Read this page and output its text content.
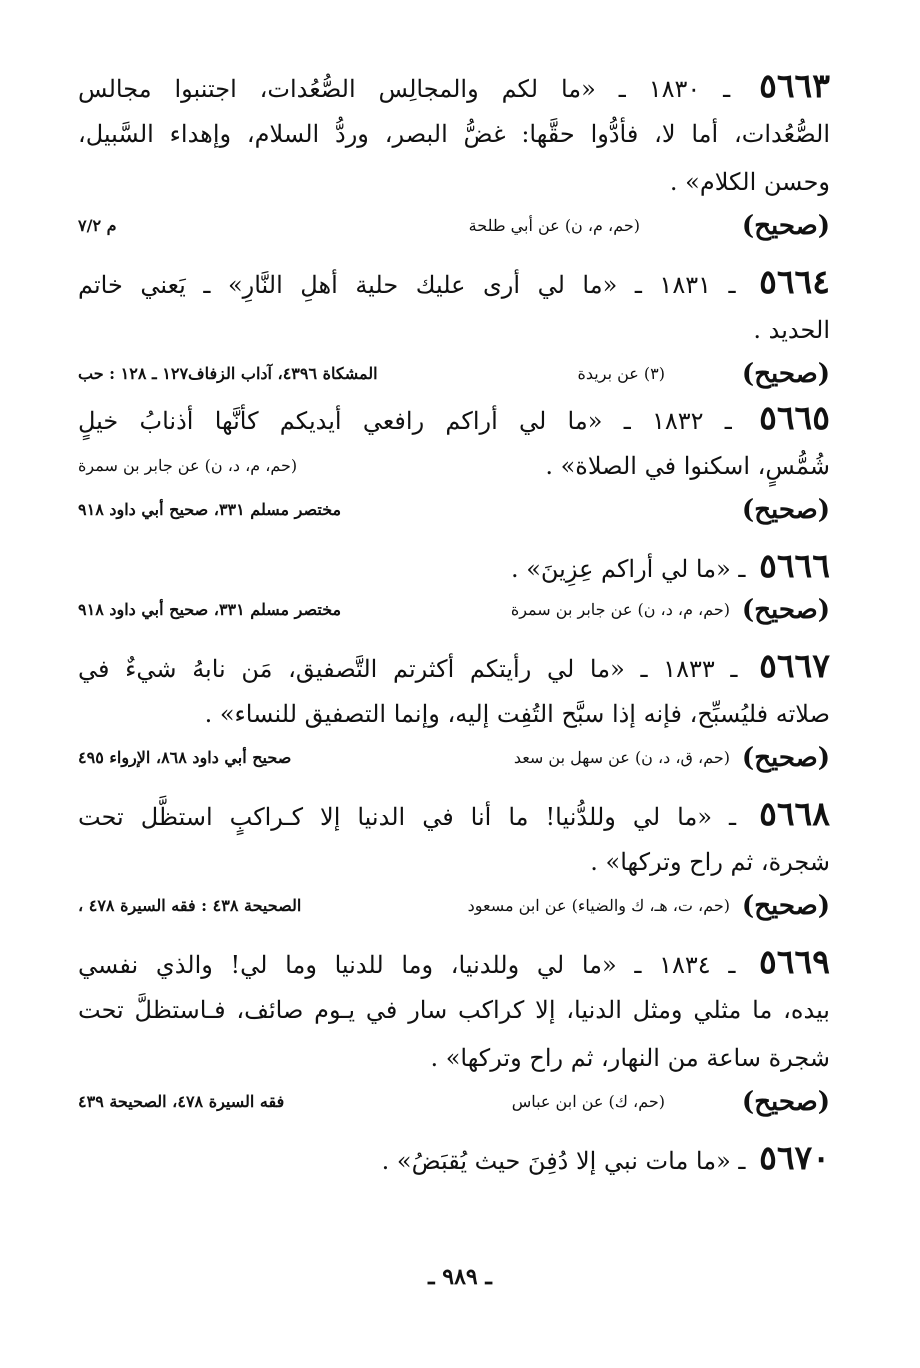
٥٦٦٣ ـ ١٨٣٠ ـ «ما لكم والمجالِس الصُّعُدات، اجتنبوا مجالس
الصُّعُدات، أما لا، فأدُّوا حقَّها: غضُّ البصر، وردُّ السلام، وإهداء السَّبيل،
وحسن الكلام» .
(صحيح)
(حم، م، ن) عن أبي طلحة
م ٧/٢
٥٦٦٤ ـ ١٨٣١ ـ «ما لي أرى عليك حلية أهلِ النَّارِ» ـ يَعني خاتم
الحديد .
(صحيح)
(٣) عن بريدة
المشكاة ٤٣٩٦، آداب الزفاف١٢٧ ـ ١٢٨ : حب
٥٦٦٥ ـ ١٨٣٢ ـ «ما لي أراكم رافعي أيديكم كأنَّها أذنابُ خيلٍ
شُمُّسٍ، اسكنوا في الصلاة» .
(حم، م، د، ن) عن جابر بن سمرة
(صحيح)
مختصر مسلم ٣٣١، صحيح أبي داود ٩١٨
٥٦٦٦ ـ «ما لي أراكم عِزِينَ» .
(صحيح)
(حم، م، د، ن) عن جابر بن سمرة
مختصر مسلم ٣٣١، صحيح أبي داود ٩١٨
٥٦٦٧ ـ ١٨٣٣ ـ «ما لي رأيتكم أكثرتم التَّصفيق، مَن نابهُ شيءٌ في
صلاته فليُسبِّح، فإنه إذا سبَّح التُفِت إليه، وإنما التصفيق للنساء» .
(صحيح)
(حم، ق، د، ن) عن سهل بن سعد
صحيح أبي داود ٨٦٨، الإرواء ٤٩٥
٥٦٦٨ ـ «ما لي وللدُّنيا! ما أنا في الدنيا إلا كـراكبٍ استظَّل تحت
شجرة، ثم راح وتركها» .
(صحيح)
(حم، ت، هـ، ك والضياء) عن ابن مسعود
الصحيحة ٤٣٨ : فقه السيرة ٤٧٨ ،
٥٦٦٩ ـ ١٨٣٤ ـ «ما لي وللدنيا، وما للدنيا وما لي! والذي نفسي
بيده، ما مثلي ومثل الدنيا، إلا كراكب سار في يـوم صائف، فـاستظلَّ تحت
شجرة ساعة من النهار، ثم راح وتركها» .
(صحيح)
(حم، ك) عن ابن عباس
فقه السيرة ٤٧٨، الصحيحة ٤٣٩
٥٦٧٠ ـ «ما مات نبي إلا دُفِنَ حيث يُقبَضُ» .
ـ ٩٨٩ ـ
